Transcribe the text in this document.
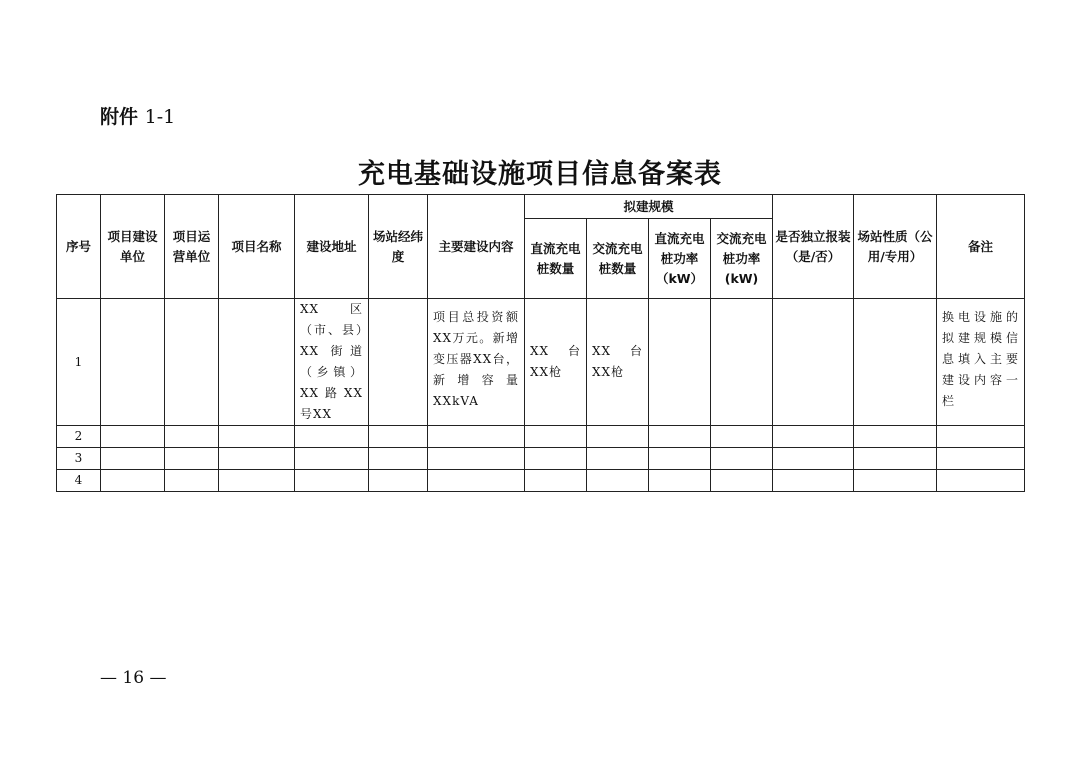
附件 1-1
充电基础设施项目信息备案表
序号	项目建设单位	项目运营单位	项目名称	建设地址	场站经纬度	主要建设内容	拟建规模				是否独立报装（是/否）	场站性质（公用/专用）	备注
							直流充电桩数量	交流充电桩数量	直流充电桩功率（kW）	交流充电桩功率(kW)			
1				XX 区（市、县）XX 街道（乡镇）XX路XX号XX		项目总投资额XX万元。新增变压器XX台，新增容量XXkVA	XX 台XX枪	XX 台XX枪					换电设施的拟建规模信息填入主要建设内容一栏

2													
3													
4													
— 16 —
